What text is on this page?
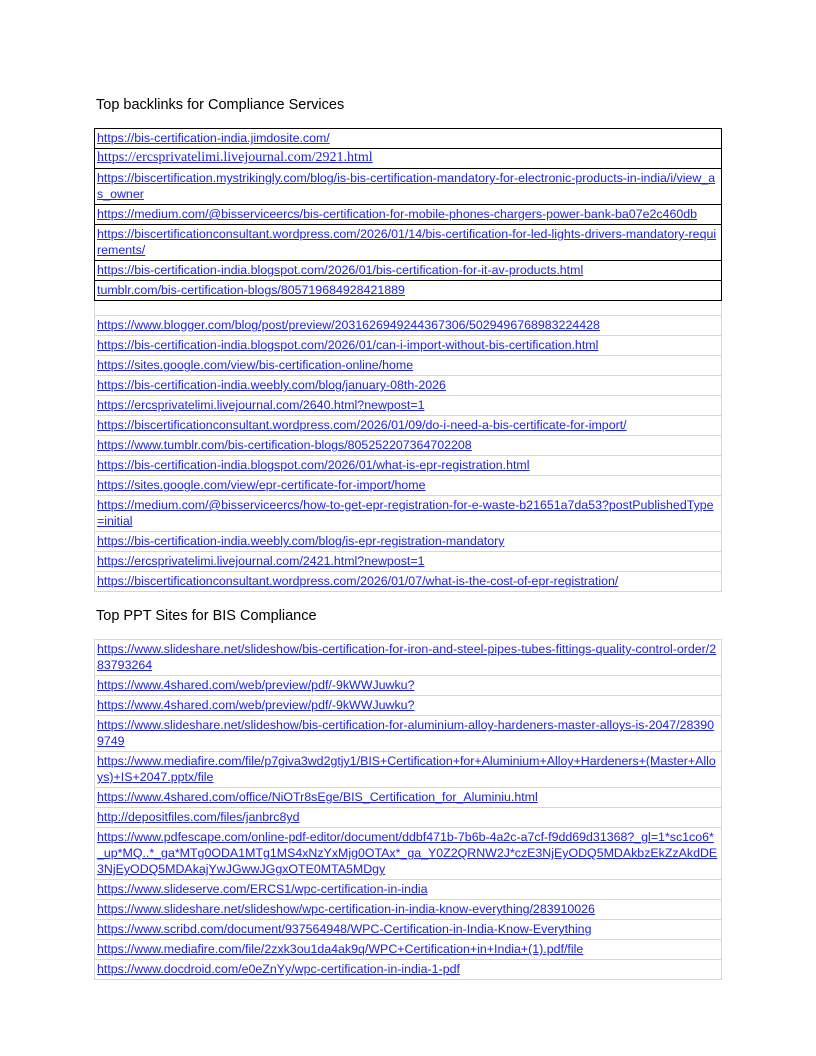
Top backlinks for Compliance Services
https://bis-certification-india.jimdosite.com/
https://ercsprivatelimi.livejournal.com/2921.html
https://biscertification.mystrikingly.com/blog/is-bis-certification-mandatory-for-electronic-products-in-india/i/view_as_owner
https://medium.com/@bisserviceercs/bis-certification-for-mobile-phones-chargers-power-bank-ba07e2c460db
https://biscertificationconsultant.wordpress.com/2026/01/14/bis-certification-for-led-lights-drivers-mandatory-requirements/
https://bis-certification-india.blogspot.com/2026/01/bis-certification-for-it-av-products.html
tumblr.com/bis-certification-blogs/805719684928421889

https://www.blogger.com/blog/post/preview/2031626949244367306/5029496768983224428
https://bis-certification-india.blogspot.com/2026/01/can-i-import-without-bis-certification.html
https://sites.google.com/view/bis-certification-online/home
https://bis-certification-india.weebly.com/blog/january-08th-2026
https://ercsprivatelimi.livejournal.com/2640.html?newpost=1
https://biscertificationconsultant.wordpress.com/2026/01/09/do-i-need-a-bis-certificate-for-import/
https://www.tumblr.com/bis-certification-blogs/805252207364702208
https://bis-certification-india.blogspot.com/2026/01/what-is-epr-registration.html
https://sites.google.com/view/epr-certificate-for-import/home
https://medium.com/@bisserviceercs/how-to-get-epr-registration-for-e-waste-b21651a7da53?postPublishedType=initial
https://bis-certification-india.weebly.com/blog/is-epr-registration-mandatory
https://ercsprivatelimi.livejournal.com/2421.html?newpost=1
https://biscertificationconsultant.wordpress.com/2026/01/07/what-is-the-cost-of-epr-registration/
Top PPT Sites for BIS Compliance
https://www.slideshare.net/slideshow/bis-certification-for-iron-and-steel-pipes-tubes-fittings-quality-control-order/283793264
https://www.4shared.com/web/preview/pdf/-9kWWJuwku?
https://www.4shared.com/web/preview/pdf/-9kWWJuwku?
https://www.slideshare.net/slideshow/bis-certification-for-aluminium-alloy-hardeners-master-alloys-is-2047/283909749
https://www.mediafire.com/file/p7giva3wd2gtjy1/BIS+Certification+for+Aluminium+Alloy+Hardeners+(Master+Alloys)+IS+2047.pptx/file
https://www.4shared.com/office/NiOTr8sEge/BIS_Certification_for_Aluminiu.html
http://depositfiles.com/files/janbrc8yd
https://www.pdfescape.com/online-pdf-editor/document/ddbf471b-7b6b-4a2c-a7cf-f9dd69d31368?_gl=1*sc1co6*_up*MQ..*_ga*MTg0ODA1MTg1MS4xNzYxMjg0OTAx*_ga_Y0Z2QRNW2J*czE3NjEyODQ5MDAkbzEkZzAkdDE3NjEyODQ5MDAkajYwJGwwJGgxOTE0MTA5MDgy
https://www.slideserve.com/ERCS1/wpc-certification-in-india
https://www.slideshare.net/slideshow/wpc-certification-in-india-know-everything/283910026
https://www.scribd.com/document/937564948/WPC-Certification-in-India-Know-Everything
https://www.mediafire.com/file/2zxk3ou1da4ak9q/WPC+Certification+in+India+(1).pdf/file
https://www.docdroid.com/e0eZnYy/wpc-certification-in-india-1-pdf
